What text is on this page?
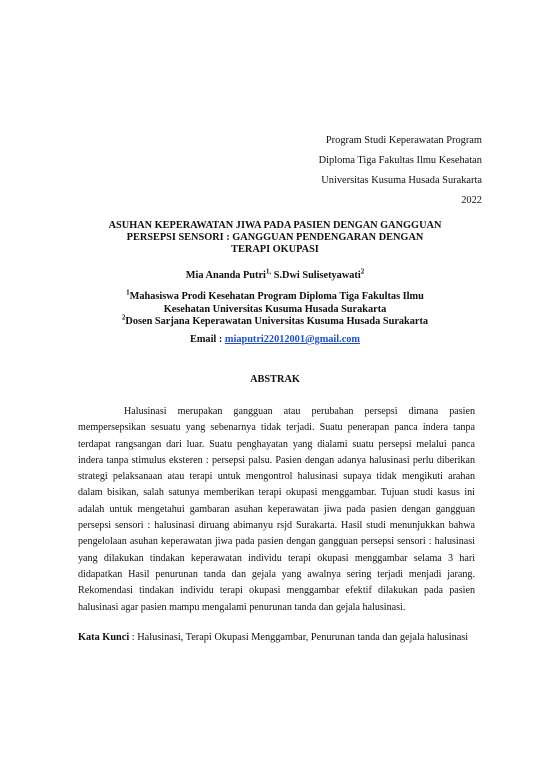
Program Studi Keperawatan Program
Diploma Tiga Fakultas Ilmu Kesehatan
Universitas Kusuma Husada Surakarta
2022
ASUHAN KEPERAWATAN JIWA PADA PASIEN DENGAN GANGGUAN
PERSEPSI SENSORI : GANGGUAN PENDENGARAN DENGAN
TERAPI OKUPASI
Mia Ananda Putri$^{1,}$ S.Dwi Sulisetyawati$^2$
$^1$Mahasiswa Prodi Kesehatan Program Diploma Tiga Fakultas Ilmu
Kesehatan Universitas Kusuma Husada Surakarta
$^2$Dosen Sarjana Keperawatan Universitas Kusuma Husada Surakarta
Email : miaputri22012001@gmail.com
ABSTRAK

Halusinasi merupakan gangguan atau perubahan persepsi dimana pasien mempersepsikan sesuatu yang sebenarnya tidak terjadi. Suatu penerapan panca indera tanpa terdapat rangsangan dari luar. Suatu penghayatan yang dialami suatu persepsi melalui panca indera tanpa stimulus eksteren : persepsi palsu. Pasien dengan adanya halusinasi perlu diberikan strategi pelaksanaan atau terapi untuk mengontrol halusinasi supaya tidak mengikuti arahan dalam bisikan, salah satunya memberikan terapi okupasi menggambar. Tujuan studi kasus ini adalah untuk mengetahui gambaran asuhan keperawatan jiwa pada pasien dengan gangguan persepsi sensori : halusinasi diruang abimanyu rsjd Surakarta. Hasil studi menunjukkan bahwa pengelolaan asuhan keperawatan jiwa pada pasien dengan gangguan persepsi sensori : halusinasi yang dilakukan tindakan keperawatan individu terapi okupasi menggambar selama 3 hari didapatkan Hasil penurunan tanda dan gejala yang awalnya sering terjadi menjadi jarang. Rekomendasi tindakan individu terapi okupasi menggambar efektif dilakukan pada pasien halusinasi agar pasien mampu mengalami penurunan tanda dan gejala halusinasi.

Kata Kunci : Halusinasi, Terapi Okupasi Menggambar, Penurunan tanda dan gejala halusinasi
